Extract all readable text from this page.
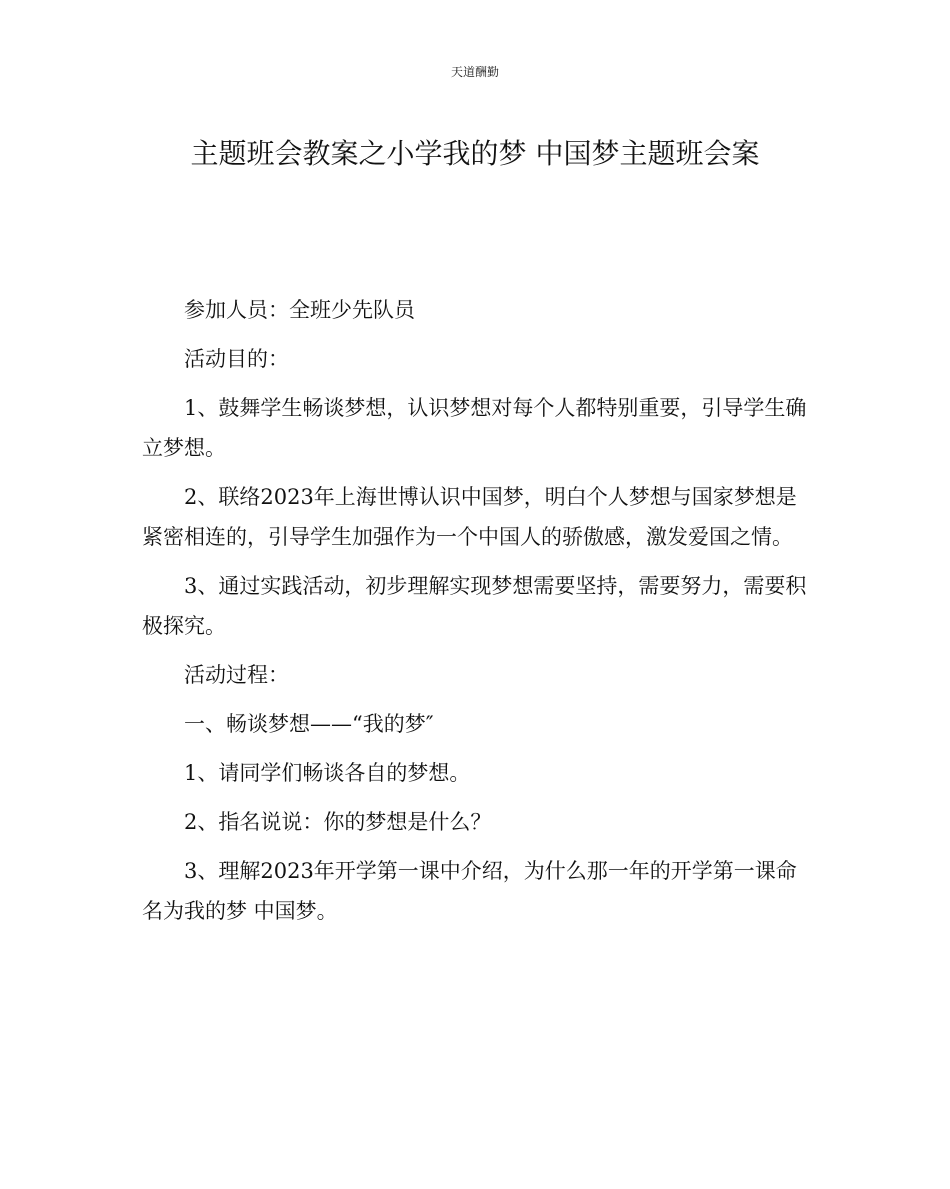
天道酬勤
主题班会教案之小学我的梦 中国梦主题班会案

参加人员：全班少先队员

活动目的：

1、鼓舞学生畅谈梦想，认识梦想对每个人都特别重要，引导学生确立梦想。

2、联络2023年上海世博认识中国梦，明白个人梦想与国家梦想是紧密相连的，引导学生加强作为一个中国人的骄傲感，激发爱国之情。

3、通过实践活动，初步理解实现梦想需要坚持，需要努力，需要积极探究。

活动过程：

一、畅谈梦想——“我的梦″

1、请同学们畅谈各自的梦想。

2、指名说说：你的梦想是什么？

3、理解2023年开学第一课中介绍，为什么那一年的开学第一课命名为我的梦 中国梦。
